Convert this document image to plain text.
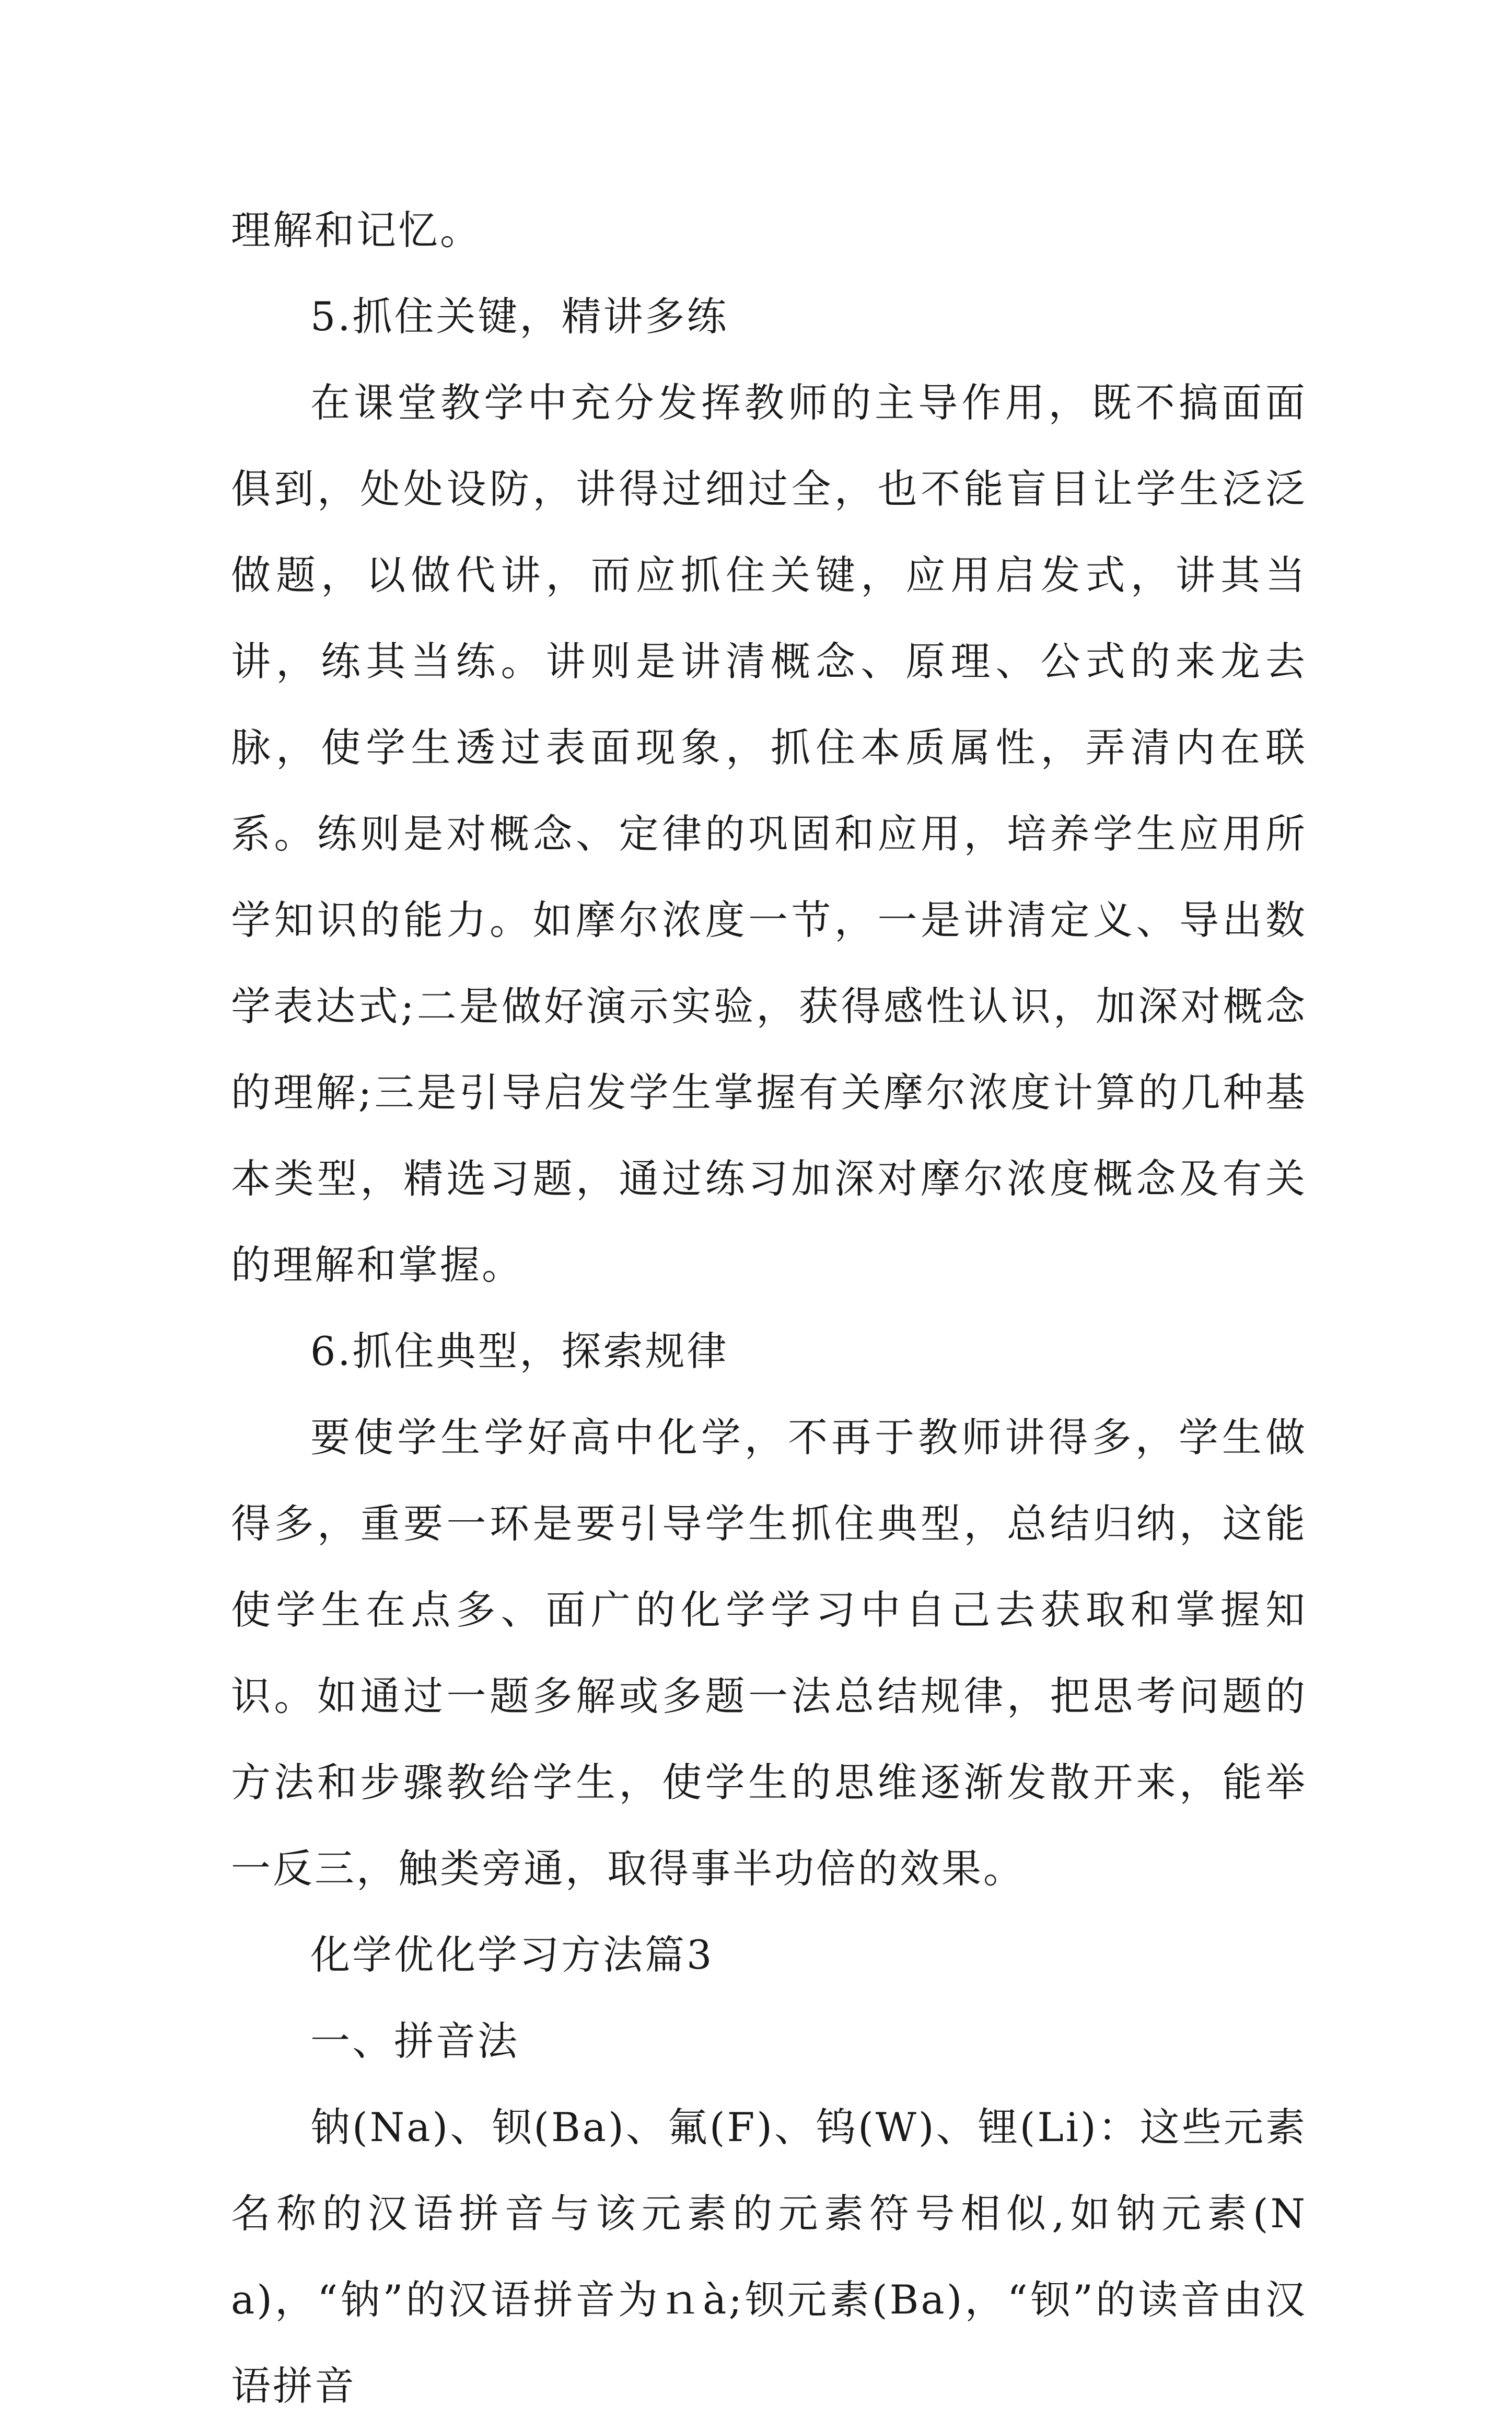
理解和记忆。

5.抓住关键，精讲多练

在课堂教学中充分发挥教师的主导作用，既不搞面面俱到，处处设防，讲得过细过全，也不能盲目让学生泛泛做题，以做代讲，而应抓住关键，应用启发式，讲其当讲，练其当练。讲则是讲清概念、原理、公式的来龙去脉，使学生透过表面现象，抓住本质属性，弄清内在联系。练则是对概念、定律的巩固和应用，培养学生应用所学知识的能力。如摩尔浓度一节，一是讲清定义、导出数学表达式;二是做好演示实验，获得感性认识，加深对概念的理解;三是引导启发学生掌握有关摩尔浓度计算的几种基本类型，精选习题，通过练习加深对摩尔浓度概念及有关的理解和掌握。

6.抓住典型，探索规律

要使学生学好高中化学，不再于教师讲得多，学生做得多，重要一环是要引导学生抓住典型，总结归纳，这能使学生在点多、面广的化学学习中自己去获取和掌握知识。如通过一题多解或多题一法总结规律，把思考问题的方法和步骤教给学生，使学生的思维逐渐发散开来，能举一反三，触类旁通，取得事半功倍的效果。

化学优化学习方法篇3

一、拼音法

钠(Na)、钡(Ba)、氟(F)、钨(W)、锂(Li)：这些元素名称的汉语拼音与该元素的元素符号相似,如钠元素(Na)，“钠”的汉语拼音为ｎà;钡元素(Ba)，“钡”的读音由汉语拼音
